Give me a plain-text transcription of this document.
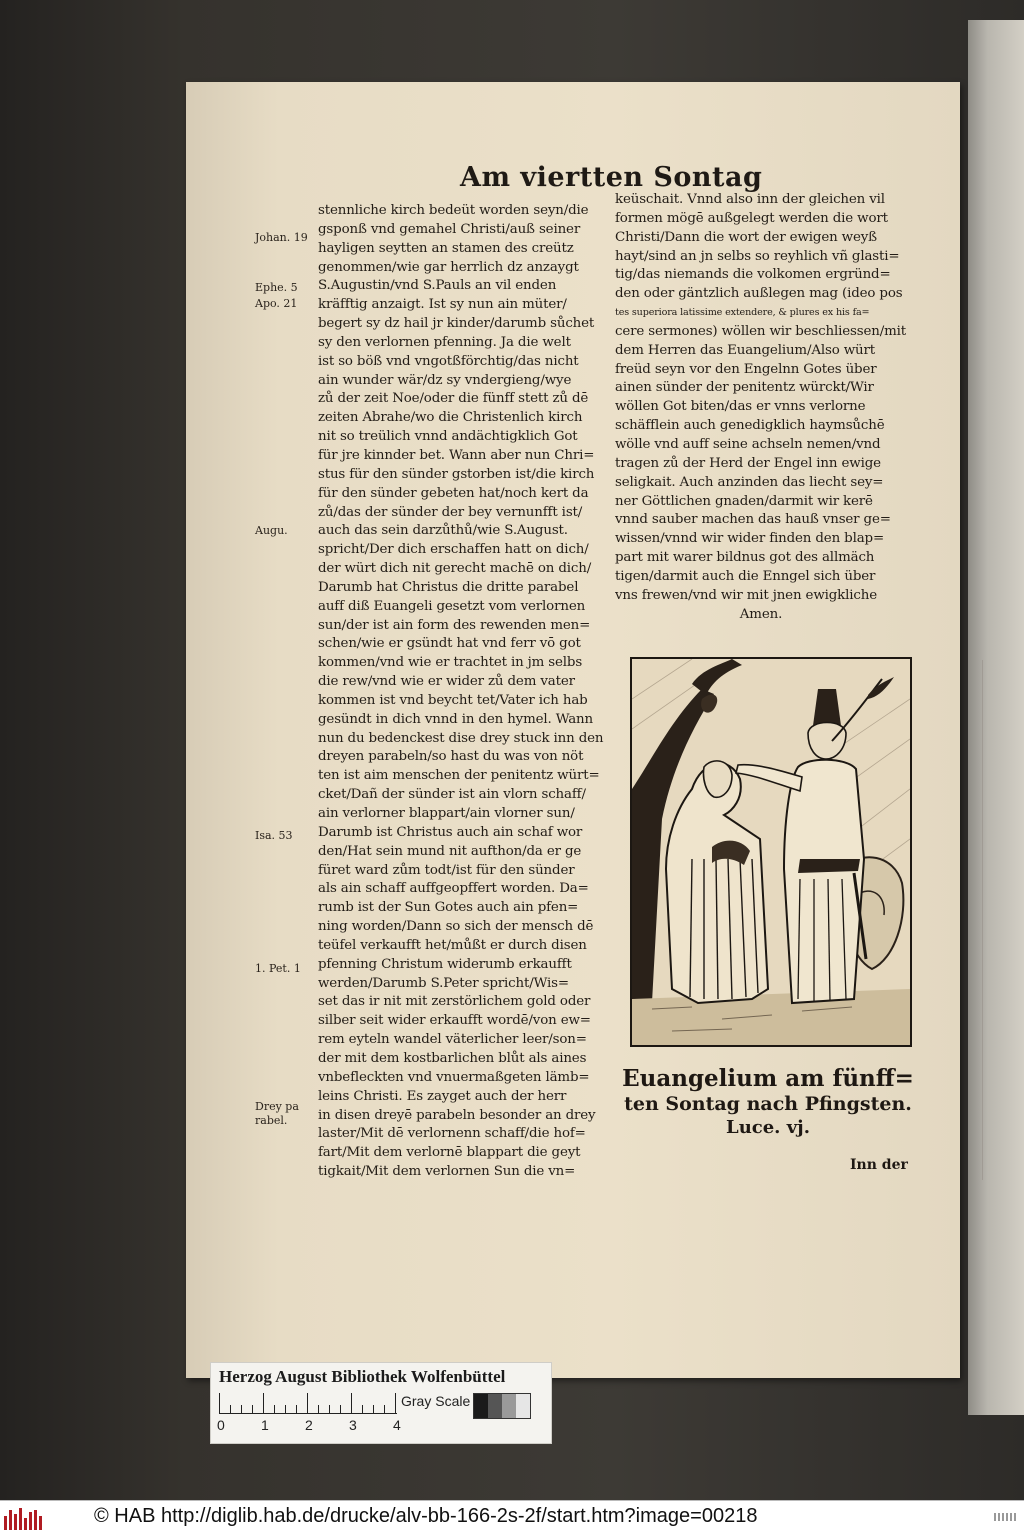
Am viertten Sontag
stennliche kirch bedeüt worden seyn/die
gsponß vnd gemahel Christi/auß seiner
hayligen seytten an stamen des creütz
genommen/wie gar herrlich dz anzaygt
S.Augustin/vnd S.Pauls an vil enden
kräfftig anzaigt. Ist sy nun ain müter/
begert sy dz hail jr kinder/darumb sůchet
sy den verlornen pfenning. Ja die welt
ist so böß vnd vngotßförchtig/das nicht
ain wunder wär/dz sy vndergieng/wye
zů der zeit Noe/oder die fünff stett zů dē
zeiten Abrahe/wo die Christenlich kirch
nit so treülich vnnd andächtigklich Got
für jre kinnder bet. Wann aber nun Chri=
stus für den sünder gstorben ist/die kirch
für den sünder gebeten hat/noch kert da
zů/das der sünder der bey vernunfft ist/
auch das sein darzůthů/wie S.August.
spricht/Der dich erschaffen hatt on dich/
der würt dich nit gerecht machē on dich/
Darumb hat Christus die dritte parabel
auff diß Euangeli gesetzt vom verlornen
sun/der ist ain form des rewenden men=
schen/wie er gsündt hat vnd ferr vō got
kommen/vnd wie er trachtet in jm selbs
die rew/vnd wie er wider zů dem vater
kommen ist vnd beycht tet/Vater ich hab
gesündt in dich vnnd in den hymel. Wann
nun du bedenckest dise drey stuck inn den
dreyen parabeln/so hast du was von nöt
ten ist aim menschen der penitentz würt=
cket/Dañ der sünder ist ain vlorn schaff/
ain verlorner blappart/ain vlorner sun/
Darumb ist Christus auch ain schaf wor
den/Hat sein mund nit aufthon/da er ge
füret ward zům todt/ist für den sünder
als ain schaff auffgeopffert worden. Da=
rumb ist der Sun Gotes auch ain pfen=
ning worden/Dann so sich der mensch dē
teüfel verkaufft het/můßt er durch disen
pfenning Christum widerumb erkaufft
werden/Darumb S.Peter spricht/Wis=
set das ir nit mit zerstörlichem gold oder
silber seit wider erkaufft wordē/von ew=
rem eyteln wandel väterlicher leer/son=
der mit dem kostbarlichen blůt als aines
vnbefleckten vnd vnuermaßgeten lämb=
leins Christi. Es zayget auch der herr
in disen dreyē parabeln besonder an drey
laster/Mit dē verlornenn schaff/die hof=
fart/Mit dem verlornē blappart die geyt
tigkait/Mit dem verlornen Sun die vn=
keüschait. Vnnd also inn der gleichen vil
formen mögē außgelegt werden die wort
Christi/Dann die wort der ewigen weyß
hayt/sind an jn selbs so reyhlich vñ glasti=
tig/das niemands die volkomen ergründ=
den oder gäntzlich außlegen mag (ideo pos
tes superiora latissime extendere, & plures ex his fa=
cere sermones) wöllen wir beschliessen/mit
dem Herren das Euangelium/Also würt
freüd seyn vor den Engelnn Gotes über
ainen sünder der penitentz würckt/Wir
wöllen Got biten/das er vnns verlorne
schäfflein auch genedigklich haymsůchē
wölle vnd auff seine achseln nemen/vnd
tragen zů der Herd der Engel inn ewige
seligkait. Auch anzinden das liecht sey=
ner Göttlichen gnaden/darmit wir kerē
vnnd sauber machen das hauß vnser ge=
wissen/vnnd wir wider finden den blap=
part mit warer bildnus got des allmäch
tigen/darmit auch die Enngel sich über
vns frewen/vnd wir mit jnen ewigkliche
Amen.
Johan. 19
Ephe. 5
Apo. 21
Augu.
Isa. 53
1. Pet. 1
Drey pa
rabel.
Euangelium am fünff=
ten Sontag nach Pfingsten.
Luce. vj.
Inn der
Herzog August Bibliothek Wolfenbüttel
0	1	2	3	4
Gray Scale
© HAB http://diglib.hab.de/drucke/alv-bb-166-2s-2f/start.htm?image=00218
